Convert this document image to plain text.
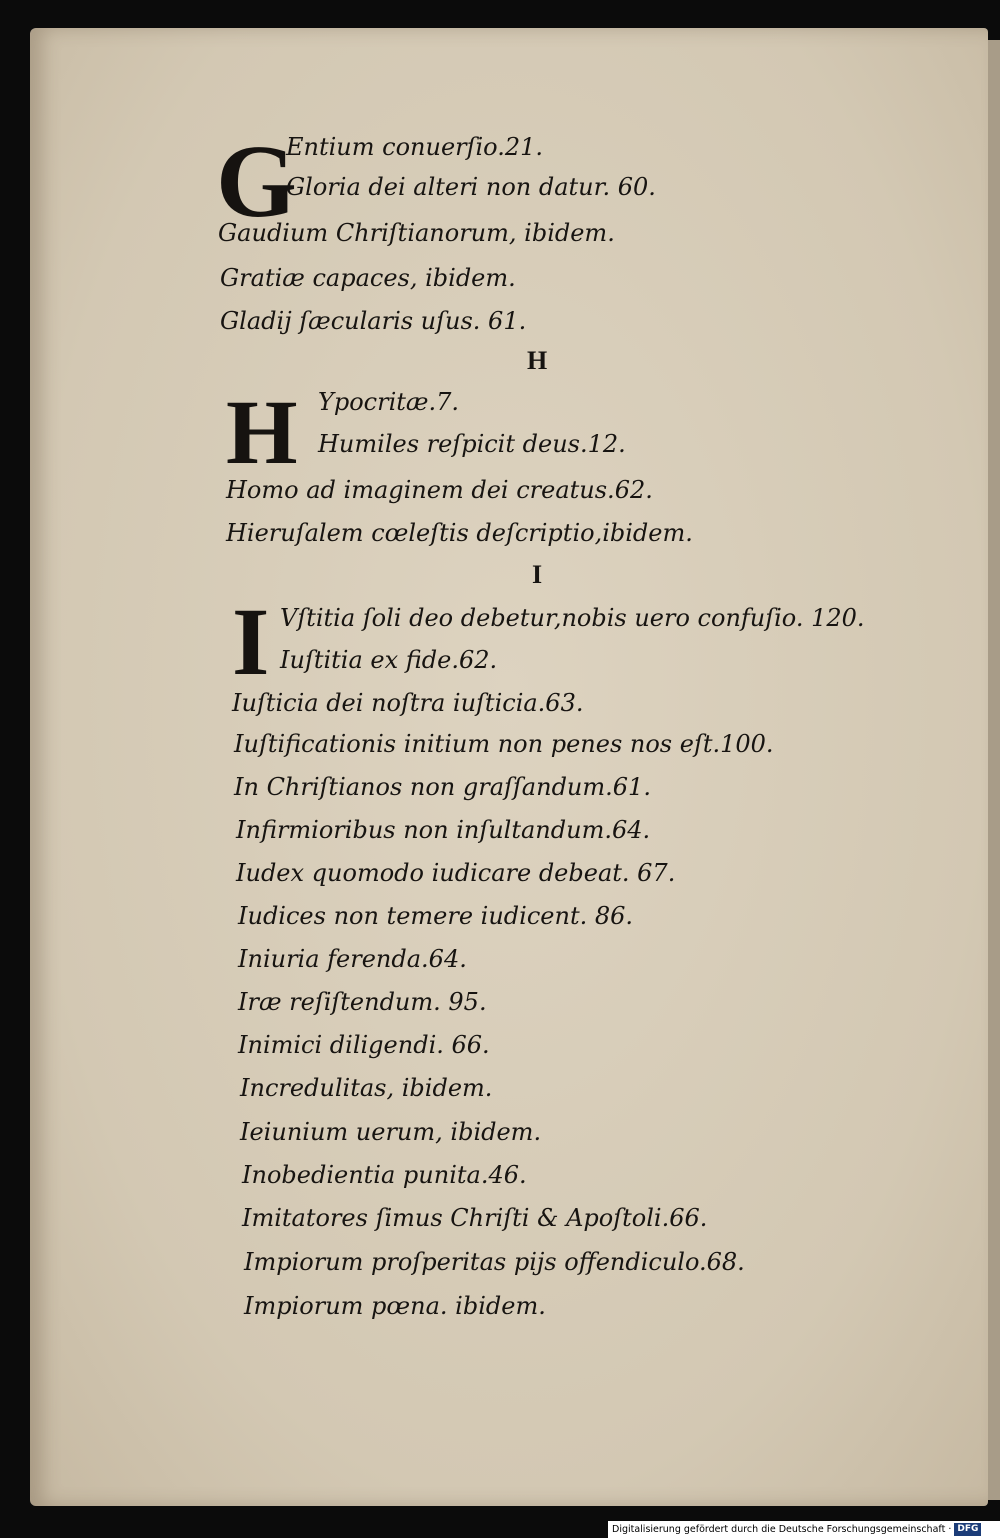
G

Entium conuerſio.21.

Gloria dei alteri non datur. 60.

Gaudium Chriſtianorum, ibidem.

Gratiæ capaces, ibidem.

Gladij ſæcularis uſus. 61.

H

H Ypocritæ.7.

Humiles reſpicit deus.12.

Homo ad imaginem dei creatus.62.

Hieruſalem cœleſtis deſcriptio,ibidem.

I

I Vſtitia ſoli deo debetur,nobis uero confuſio. 120.

Iuſtitia ex fide.62.

Iuſticia dei noſtra iuſticia.63.

Iuſtificationis initium non penes nos eſt.100.

In Chriſtianos non graſſandum.61.

Infirmioribus non inſultandum.64.

Iudex quomodo iudicare debeat. 67.

Iudices non temere iudicent. 86.

Iniuria ferenda.64.

Iræ reſiſtendum. 95.

Inimici diligendi. 66.

Incredulitas, ibidem.

Ieiunium uerum, ibidem.

Inobedientia punita.46.

Imitatores ſimus Chriſti & Apoſtoli.66.

Impiorum proſperitas pijs offendiculo.68.

Impiorum pœna. ibidem.

Digitalisierung gefördert durch die Deutsche Forschungsgemeinschaft · DFG
